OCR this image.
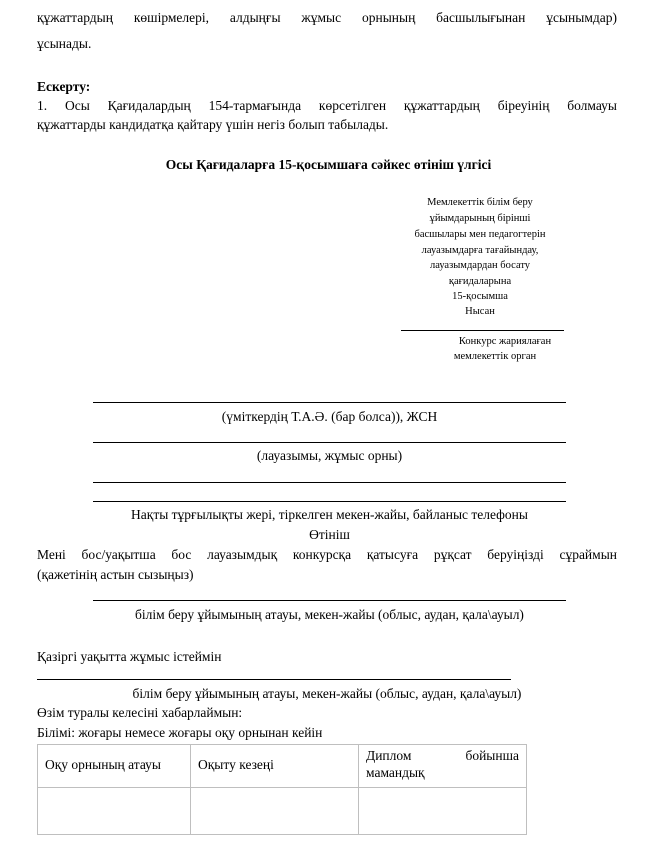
құжаттардың көшірмелері, алдыңғы жұмыс орнының басшылығынан ұсынымдар)
ұсынады.
Ескерту:
1. Осы Қағидалардың 154-тармағында көрсетілген құжаттардың біреуінің болмауы
құжаттарды кандидатқа қайтару үшін негіз болып табылады.
Осы Қағидаларға 15-қосымшаға сәйкес өтініш үлгісі
Мемлекеттік білім беру
ұйымдарының бірінші
басшылары мен педагогтерін
лауазымдарға тағайындау,
лауазымдардан босату
қағидаларына
15-қосымша
Нысан
Конкурс жариялаған
мемлекеттік орган
(үміткердің Т.А.Ә. (бар болса)), ЖСН
(лауазымы, жұмыс орны)
Нақты тұрғылықты жері, тіркелген мекен-жайы, байланыс телефоны
Өтініш
Мені бос/уақытша бос лауазымдық конкурсқа қатысуға рұқсат беруіңізді сұраймын
(қажетінің астын сызыңыз)
білім беру ұйымының атауы, мекен-жайы (облыс, аудан, қала\ауыл)
Қазіргі уақытта жұмыс істеймін
білім беру ұйымының атауы, мекен-жайы (облыс, аудан, қала\ауыл)
Өзім туралы келесіні хабарлаймын:
Білімі: жоғары немесе жоғары оқу орнынан кейін
Оқу орнының атауы	Оқыту кезеңі	Диплом бойынша
мамандық
